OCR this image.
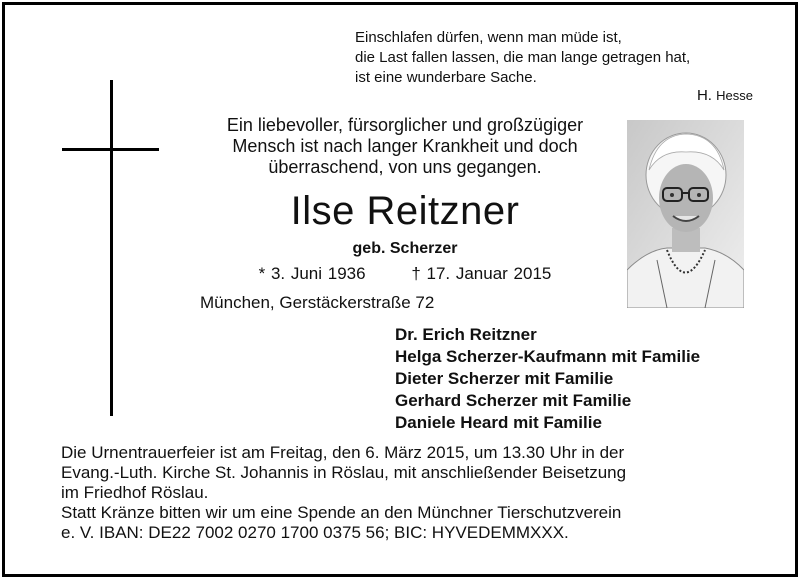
Einschlafen dürfen, wenn man müde ist,
die Last fallen lassen, die man lange getragen hat,
ist eine wunderbare Sache.
H. Hesse
Ein liebevoller, fürsorglicher und großzügiger
Mensch ist nach langer Krankheit und doch
überraschend, von uns gegangen.
Ilse Reitzner
geb. Scherzer
* 3. Juni 1936	† 17. Januar 2015
München, Gerstäckerstraße 72
Dr. Erich Reitzner
Helga Scherzer-Kaufmann mit Familie
Dieter Scherzer mit Familie
Gerhard Scherzer mit Familie
Daniele Heard mit Familie
Die Urnentrauerfeier ist am Freitag, den 6. März 2015, um 13.30 Uhr in der
Evang.-Luth. Kirche St. Johannis in Röslau, mit anschließender Beisetzung
im Friedhof Röslau.
Statt Kränze bitten wir um eine Spende an den Münchner Tierschutzverein
e. V. IBAN: DE22 7002 0270 1700 0375 56; BIC: HYVEDEMMXXX.
